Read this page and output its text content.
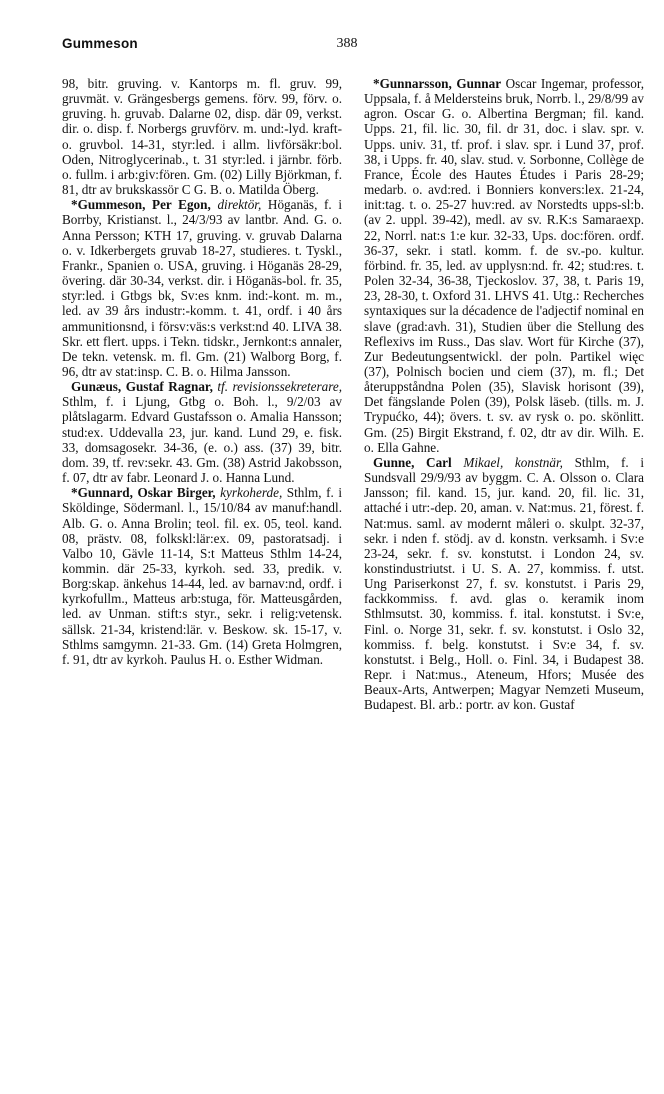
Gummeson	388

98, bitr. gruving. v. Kantorps m. fl. gruv. 99, gruvmät. v. Grängesbergs gemens. förv. 99, förv. o. gruving. h. gruvab. Dalarne 02, disp. där 09, verkst. dir. o. disp. f. Norbergs gruvförv. m. und:-lyd. kraft- o. gruvbol. 14-31, styr:led. i allm. livförsäkr:bol. Oden, Nitroglycerinab., t. 31 styr:led. i järnbr. förb. o. fullm. i arb:giv:fören. Gm. (02) Lilly Björkman, f. 81, dtr av brukskassör C G. B. o. Matilda Öberg.

*Gummeson, Per Egon, direktör, Höganäs, f. i Borrby, Kristianst. l., 24/3/93 av lantbr. And. G. o. Anna Persson; KTH 17, gruving. v. gruvab Dalarna o. v. Idkerbergets gruvab 18-27, studieres. t. Tyskl., Frankr., Spanien o. USA, gruving. i Höganäs 28-29, övering. där 30-34, verkst. dir. i Höganäs-bol. fr. 35, styr:led. i Gtbgs bk, Sv:es knm. ind:-kont. m. m., led. av 39 års industr:-komm. t. 41, ordf. i 40 års ammunitionsnd, i försv:väs:s verkst:nd 40. LIVA 38. Skr. ett flert. upps. i Tekn. tidskr., Jernkont:s annaler, De tekn. vetensk. m. fl. Gm. (21) Walborg Borg, f. 96, dtr av stat:insp. C. B. o. Hilma Jansson.

Gunæus, Gustaf Ragnar, tf. revisionssekreterare, Sthlm, f. i Ljung, Gtbg o. Boh. l., 9/2/03 av plåtslagarm. Edvard Gustafsson o. Amalia Hansson; stud:ex. Uddevalla 23, jur. kand. Lund 29, e. fisk. 33, domsagosekr. 34-36, (e. o.) ass. (37) 39, bitr. dom. 39, tf. rev:sekr. 43. Gm. (38) Astrid Jakobsson, f. 07, dtr av fabr. Leonard J. o. Hanna Lund.

*Gunnard, Oskar Birger, kyrkoherde, Sthlm, f. i Sköldinge, Södermanl. l., 15/10/84 av manuf:handl. Alb. G. o. Anna Brolin; teol. fil. ex. 05, teol. kand. 08, prästv. 08, folkskl:lär:ex. 09, pastoratsadj. i Valbo 10, Gävle 11-14, S:t Matteus Sthlm 14-24, kommin. där 25-33, kyrkoh. sed. 33, predik. v. Borg:skap. änkehus 14-44, led. av barnav:nd, ordf. i kyrkofullm., Matteus arb:stuga, för. Matteusgården, led. av Unman. stift:s styr., sekr. i relig:vetensk. sällsk. 21-34, kristend:lär. v. Beskow. sk. 15-17, v. Sthlms samgymn. 21-33. Gm. (14) Greta Holmgren, f. 91, dtr av kyrkoh. Paulus H. o. Esther Widman.

*Gunnarsson, Gunnar Oscar Ingemar, professor, Uppsala, f. å Meldersteins bruk, Norrb. l., 29/8/99 av agron. Oscar G. o. Albertina Bergman; fil. kand. Upps. 21, fil. lic. 30, fil. dr 31, doc. i slav. spr. v. Upps. univ. 31, tf. prof. i slav. spr. i Lund 37, prof. 38, i Upps. fr. 40, slav. stud. v. Sorbonne, Collège de France, École des Hautes Études i Paris 28-29; medarb. o. avd:red. i Bonniers konvers:lex. 21-24, init:tag. t. o. 25-27 huv:red. av Norstedts upps-sl:b. (av 2. uppl. 39-42), medl. av sv. R.K:s Samaraexp. 22, Norrl. nat:s 1:e kur. 32-33, Ups. doc:fören. ordf. 36-37, sekr. i statl. komm. f. de sv.-po. kultur. förbind. fr. 35, led. av upplysn:nd. fr. 42; stud:res. t. Polen 32-34, 36-38, Tjeckoslov. 37, 38, t. Paris 19, 23, 28-30, t. Oxford 31. LHVS 41. Utg.: Recherches syntaxiques sur la décadence de l'adjectif nominal en slave (grad:avh. 31), Studien über die Stellung des Reflexivs im Russ., Das slav. Wort für Kirche (37), Zur Bedeutungsentwickl. der poln. Partikel więc (37), Polnisch bocien und ciem (37), m. fl.; Det återuppståndna Polen (35), Slavisk horisont (39), Det fängslande Polen (39), Polsk läseb. (tills. m. J. Trypućko, 44); övers. t. sv. av rysk o. po. skönlitt. Gm. (25) Birgit Ekstrand, f. 02, dtr av dir. Wilh. E. o. Ella Gahne.

Gunne, Carl Mikael, konstnär, Sthlm, f. i Sundsvall 29/9/93 av byggm. C. A. Olsson o. Clara Jansson; fil. kand. 15, jur. kand. 20, fil. lic. 31, attaché i utr:-dep. 20, aman. v. Nat:mus. 21, förest. f. Nat:mus. saml. av modernt måleri o. skulpt. 32-37, sekr. i nden f. stödj. av d. konstn. verksamh. i Sv:e 23-24, sekr. f. sv. konstutst. i London 24, sv. konstindustriutst. i U. S. A. 27, kommiss. f. utst. Ung Pariserkonst 27, f. sv. konstutst. i Paris 29, fackkommiss. f. avd. glas o. keramik inom Sthlmsutst. 30, kommiss. f. ital. konstutst. i Sv:e, Finl. o. Norge 31, sekr. f. sv. konstutst. i Oslo 32, kommiss. f. belg. konstutst. i Sv:e 34, f. sv. konstutst. i Belg., Holl. o. Finl. 34, i Budapest 38. Repr. i Nat:mus., Ateneum, Hfors; Musée des Beaux-Arts, Antwerpen; Magyar Nemzeti Museum, Budapest. Bl. arb.: portr. av kon. Gustaf
